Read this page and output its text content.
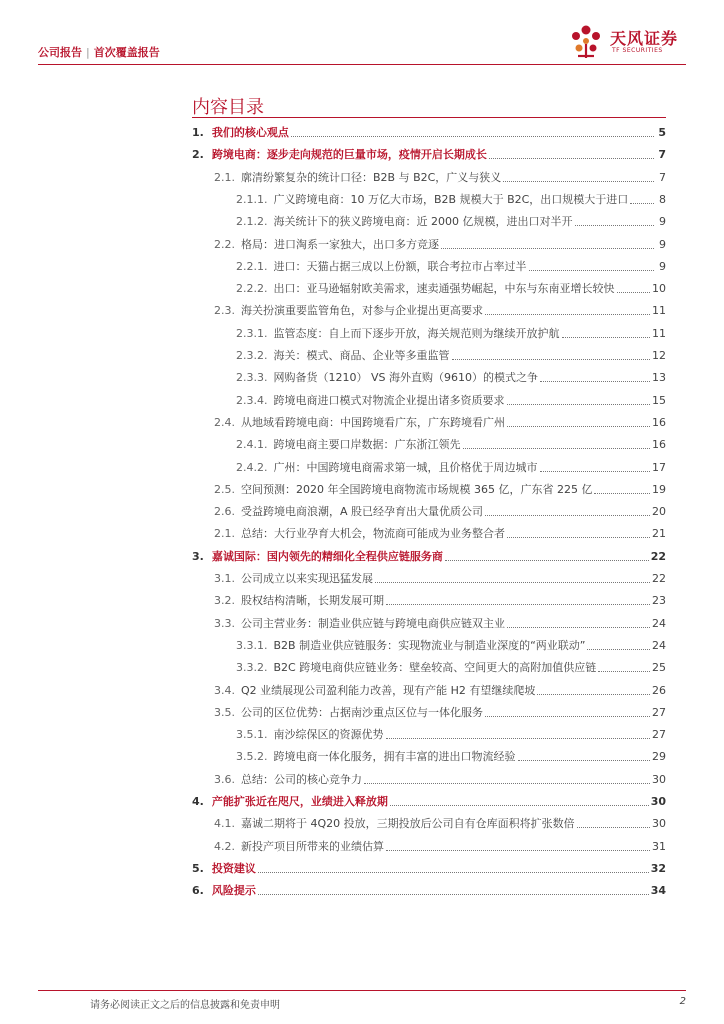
公司报告 | 首次覆盖报告
天风证券
TF SECURITIES
内容目录
1. 我们的核心观点	5
2. 跨境电商：逐步走向规范的巨量市场，疫情开启长期成长	7
2.1. 廓清纷繁复杂的统计口径：B2B 与 B2C，广义与狭义	7
2.1.1. 广义跨境电商：10 万亿大市场，B2B 规模大于 B2C，出口规模大于进口	8
2.1.2. 海关统计下的狭义跨境电商：近 2000 亿规模，进出口对半开	9
2.2. 格局：进口淘系一家独大，出口多方竞逐	9
2.2.1. 进口：天猫占据三成以上份额，联合考拉市占率过半	9
2.2.2. 出口：亚马逊辐射欧美需求，速卖通强势崛起，中东与东南亚增长较快	10
2.3. 海关扮演重要监管角色，对参与企业提出更高要求	11
2.3.1. 监管态度：自上而下逐步开放，海关规范则为继续开放护航	11
2.3.2. 海关：模式、商品、企业等多重监管	12
2.3.3. 网购备货（1210） VS 海外直购（9610）的模式之争	13
2.3.4. 跨境电商进口模式对物流企业提出诸多资质要求	15
2.4. 从地域看跨境电商：中国跨境看广东，广东跨境看广州	16
2.4.1. 跨境电商主要口岸数据：广东浙江领先	16
2.4.2. 广州：中国跨境电商需求第一城，且价格优于周边城市	17
2.5. 空间预测：2020 年全国跨境电商物流市场规模 365 亿，广东省 225 亿	19
2.6. 受益跨境电商浪潮，A 股已经孕育出大量优质公司	20
2.1. 总结：大行业孕育大机会，物流商可能成为业务整合者	21
3. 嘉诚国际：国内领先的精细化全程供应链服务商	22
3.1. 公司成立以来实现迅猛发展	22
3.2. 股权结构清晰，长期发展可期	23
3.3. 公司主营业务：制造业供应链与跨境电商供应链双主业	24
3.3.1. B2B 制造业供应链服务：实现物流业与制造业深度的“两业联动”	24
3.3.2. B2C 跨境电商供应链业务：壁垒较高、空间更大的高附加值供应链	25
3.4. Q2 业绩展现公司盈利能力改善，现有产能 H2 有望继续爬坡	26
3.5. 公司的区位优势：占据南沙重点区位与一体化服务	27
3.5.1. 南沙综保区的资源优势	27
3.5.2. 跨境电商一体化服务，拥有丰富的进出口物流经验	29
3.6. 总结：公司的核心竞争力	30
4. 产能扩张近在咫尺，业绩进入释放期	30
4.1. 嘉诚二期将于 4Q20 投放，三期投放后公司自有仓库面积将扩张数倍	30
4.2. 新投产项目所带来的业绩估算	31
5. 投资建议	32
6. 风险提示	34
请务必阅读正文之后的信息披露和免责申明	2
